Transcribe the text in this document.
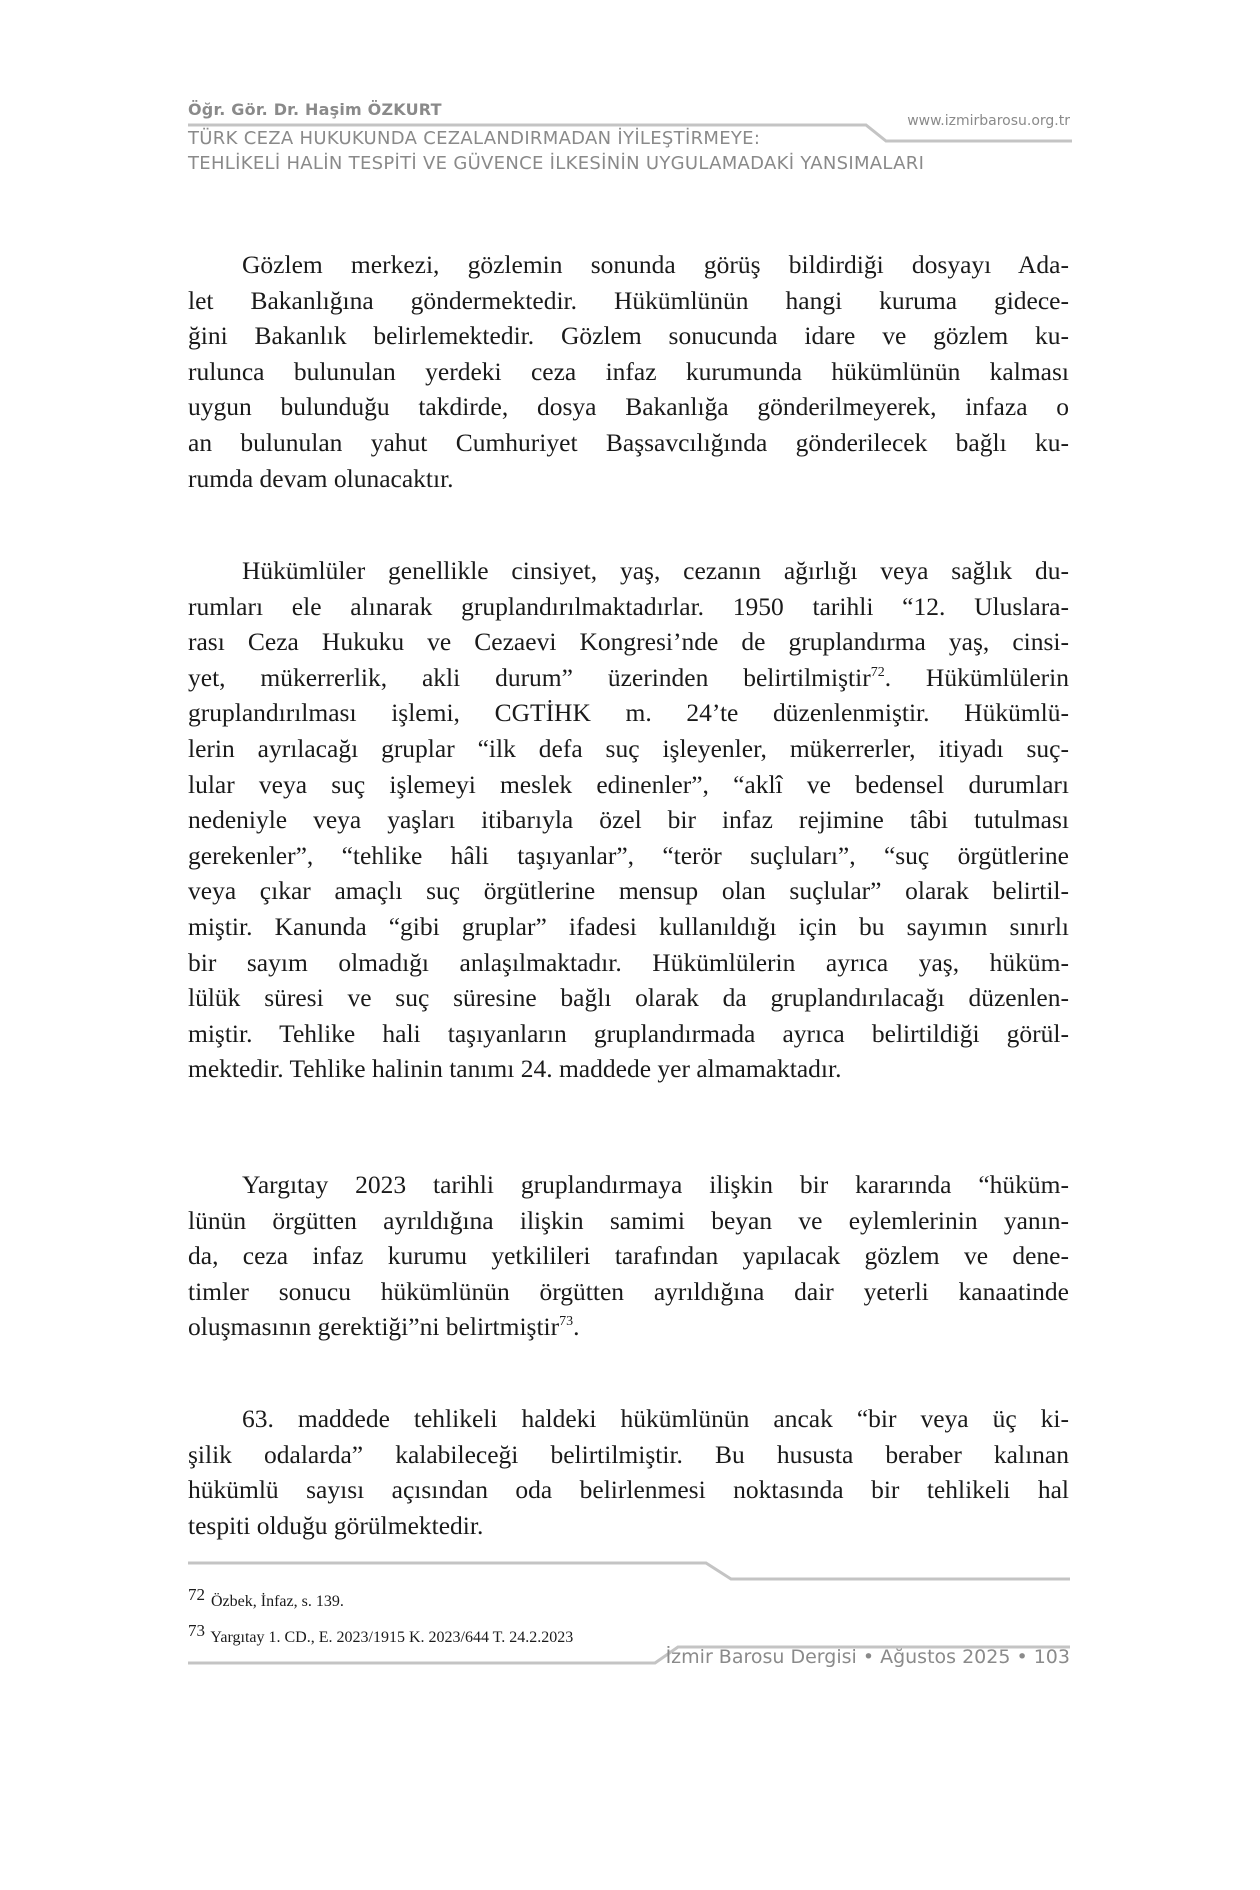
Öğr. Gör. Dr. Haşim ÖZKURT
www.izmirbarosu.org.tr
TÜRK CEZA HUKUKUNDA CEZALANDIRMADAN İYİLEŞTİRMEYE:
TEHLİKELİ HALİN TESPİTİ VE GÜVENCE İLKESİNİN UYGULAMADAKİ YANSIMALARI
Gözlem merkezi, gözlemin sonunda görüş bildirdiği dosyayı Ada-
let Bakanlığına göndermektedir. Hükümlünün hangi kuruma gidece-
ğini Bakanlık belirlemektedir. Gözlem sonucunda idare ve gözlem ku-
rulunca bulunulan yerdeki ceza infaz kurumunda hükümlünün kalması
uygun bulunduğu takdirde, dosya Bakanlığa gönderilmeyerek, infaza o
an bulunulan yahut Cumhuriyet Başsavcılığında gönderilecek bağlı ku-
rumda devam olunacaktır.
Hükümlüler genellikle cinsiyet, yaş, cezanın ağırlığı veya sağlık du-
rumları ele alınarak gruplandırılmaktadırlar. 1950 tarihli “12. Uluslara-
rası Ceza Hukuku ve Cezaevi Kongresi’nde de gruplandırma yaş, cinsi-
yet, mükerrerlik, akli durum” üzerinden belirtilmiştir$^{72}$. Hükümlülerin
gruplandırılması işlemi, CGTİHK m. 24’te düzenlenmiştir. Hükümlü-
lerin ayrılacağı gruplar “ilk defa suç işleyenler, mükerrerler, itiyadı suç-
lular veya suç işlemeyi meslek edinenler”, “aklî ve bedensel durumları
nedeniyle veya yaşları itibarıyla özel bir infaz rejimine tâbi tutulması
gerekenler”, “tehlike hâli taşıyanlar”, “terör suçluları”, “suç örgütlerine
veya çıkar amaçlı suç örgütlerine mensup olan suçlular” olarak belirtil-
miştir. Kanunda “gibi gruplar” ifadesi kullanıldığı için bu sayımın sınırlı
bir sayım olmadığı anlaşılmaktadır. Hükümlülerin ayrıca yaş, hüküm-
lülük süresi ve suç süresine bağlı olarak da gruplandırılacağı düzenlen-
miştir. Tehlike hali taşıyanların gruplandırmada ayrıca belirtildiği görül-
mektedir. Tehlike halinin tanımı 24. maddede yer almamaktadır.
Yargıtay 2023 tarihli gruplandırmaya ilişkin bir kararında “hüküm-
lünün örgütten ayrıldığına ilişkin samimi beyan ve eylemlerinin yanın-
da, ceza infaz kurumu yetkilileri tarafından yapılacak gözlem ve dene-
timler sonucu hükümlünün örgütten ayrıldığına dair yeterli kanaatinde
oluşmasının gerektiği”ni belirtmiştir$^{73}$.
63. maddede tehlikeli haldeki hükümlünün ancak “bir veya üç ki-
şilik odalarda” kalabileceği belirtilmiştir. Bu hususta beraber kalınan
hükümlü sayısı açısından oda belirlenmesi noktasında bir tehlikeli hal
tespiti olduğu görülmektedir.
72 Özbek, İnfaz, s. 139.
73 Yargıtay 1. CD., E. 2023/1915 K. 2023/644 T. 24.2.2023
İzmir Barosu Dergisi • Ağustos 2025 • 103
